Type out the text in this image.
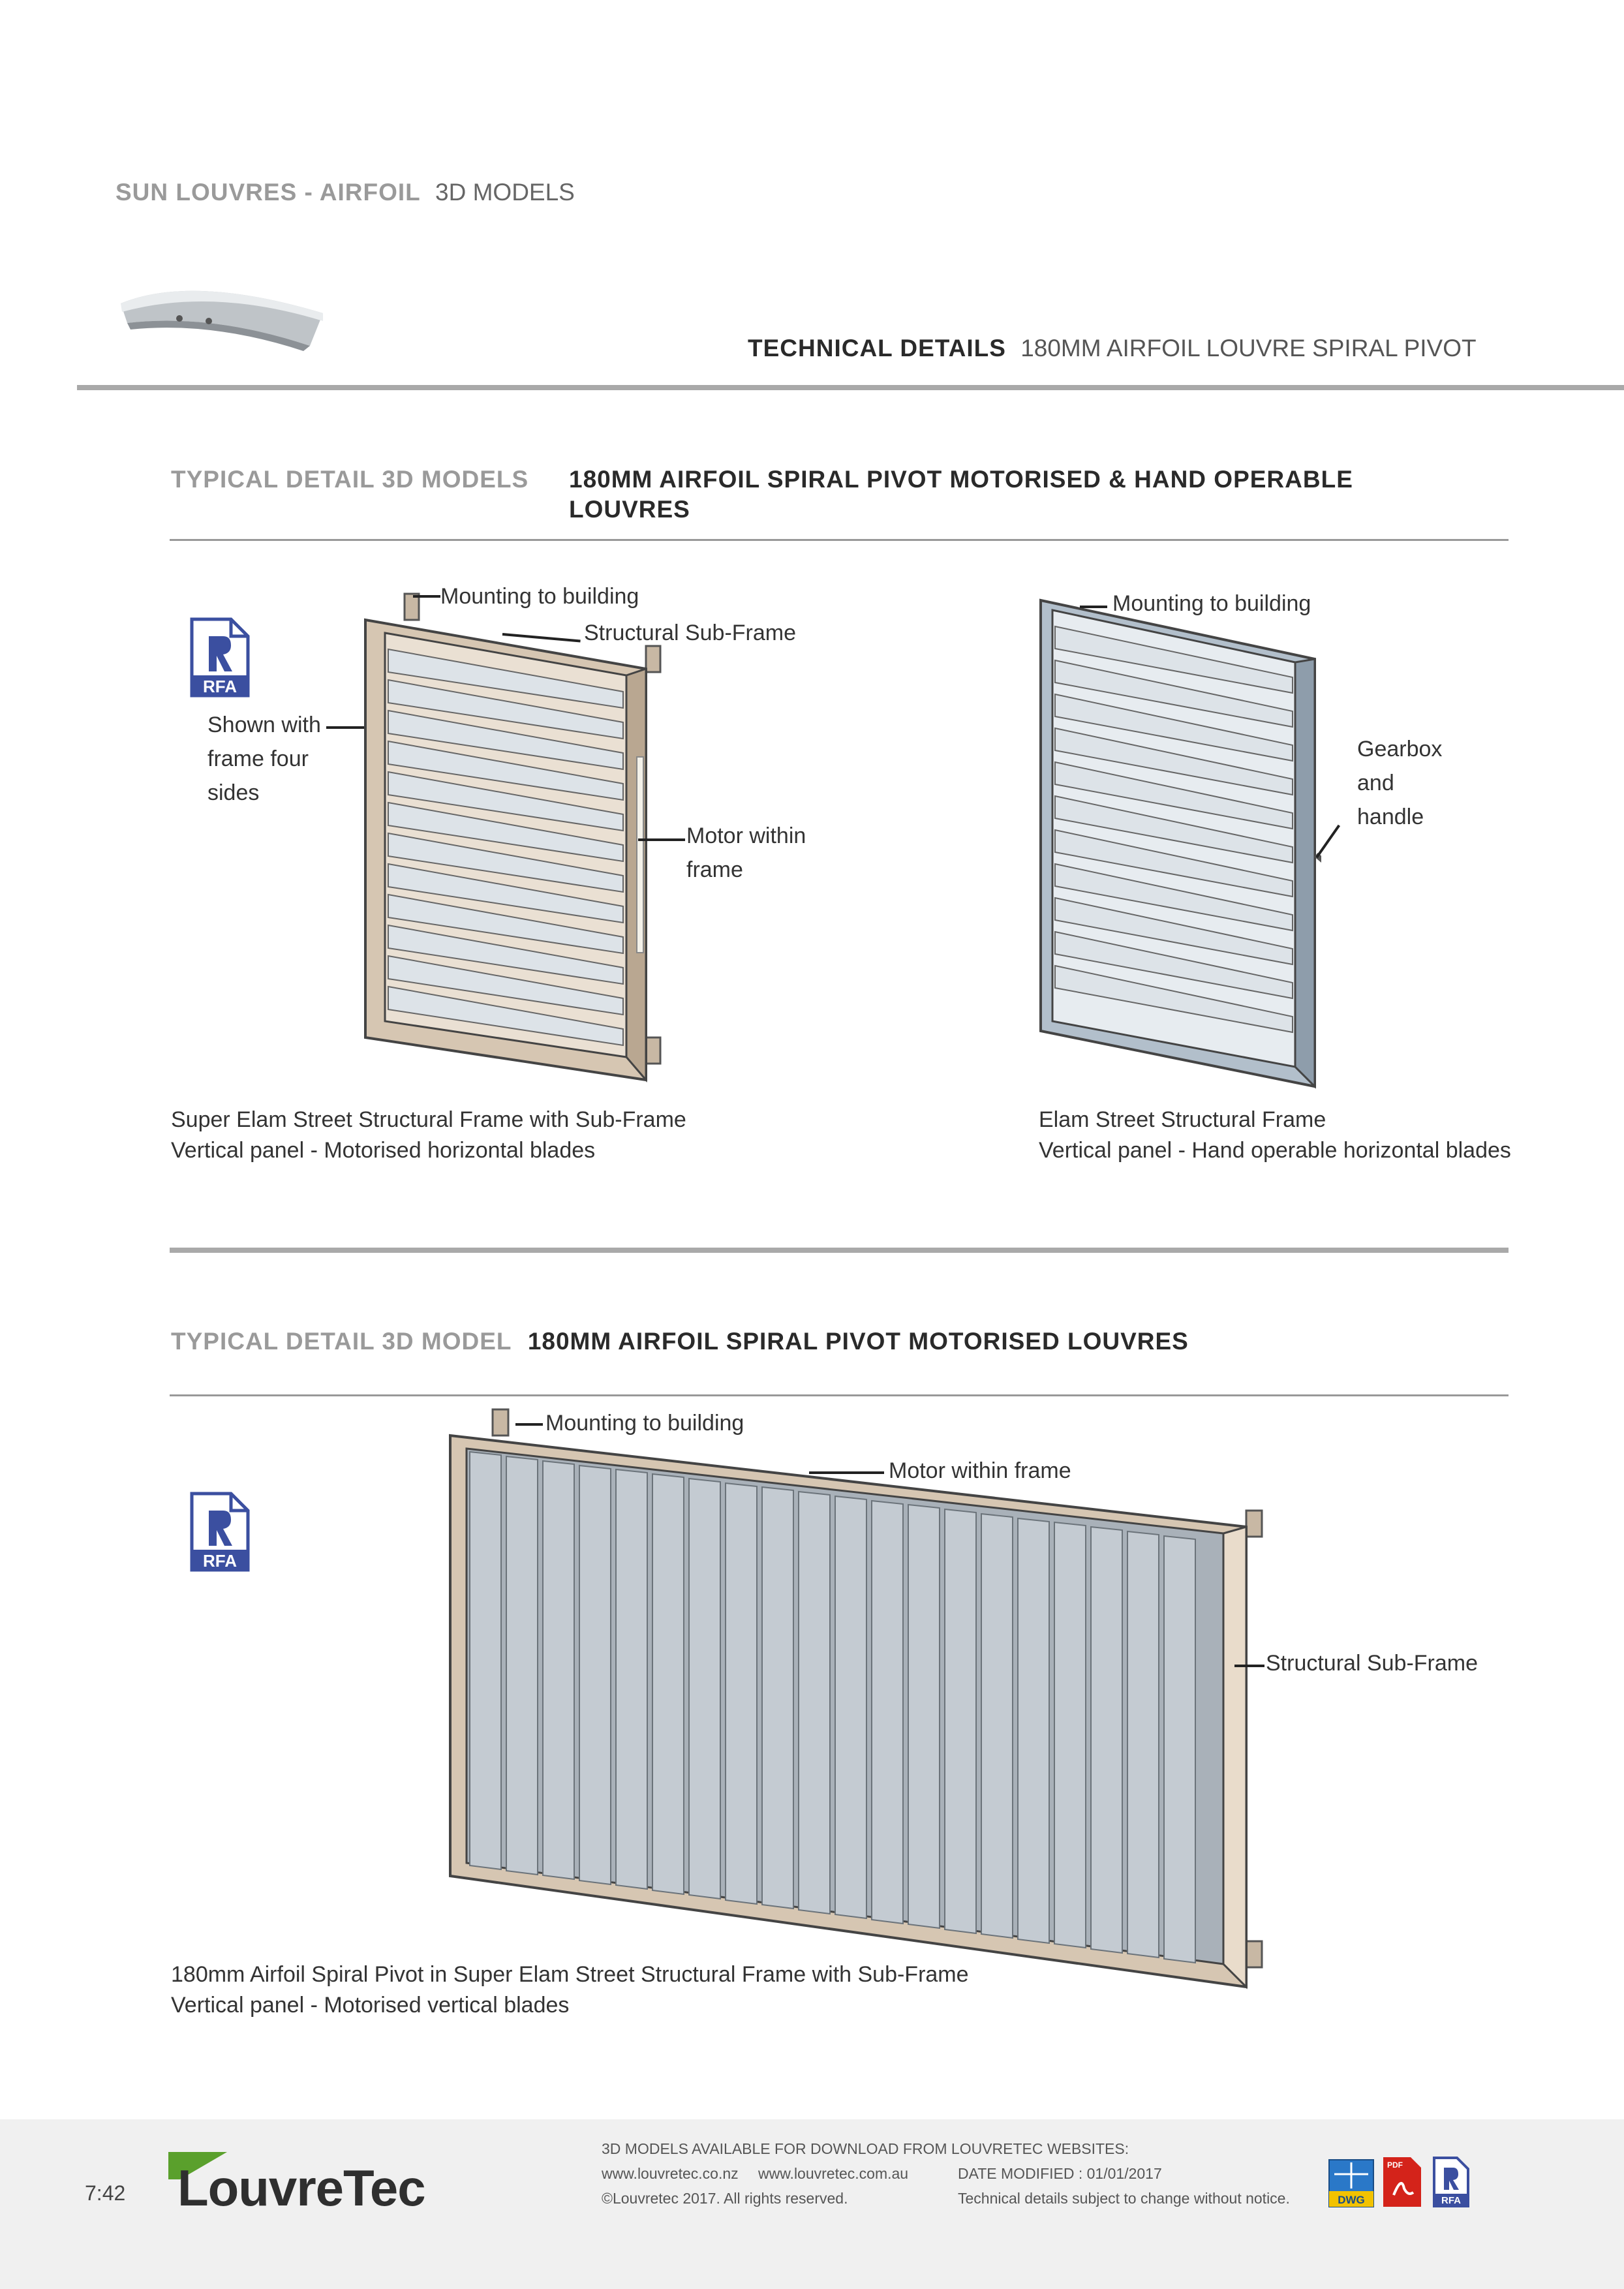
SUN LOUVRES - AIRFOIL 3D MODELS
TECHNICAL DETAILS 180MM AIRFOIL LOUVRE SPIRAL PIVOT
TYPICAL DETAIL 3D MODELS 180MM AIRFOIL SPIRAL PIVOT MOTORISED & HAND OPERABLE
LOUVRES
RFA
Mounting to building
Structural Sub-Frame
Shown with
frame four
sides
Motor within
frame
Super Elam Street Structural Frame with Sub-Frame
Vertical panel - Motorised horizontal blades
Mounting to building
Gearbox
and
handle
Elam Street Structural Frame
Vertical panel - Hand operable horizontal blades
TYPICAL DETAIL 3D MODEL 180MM AIRFOIL SPIRAL PIVOT MOTORISED LOUVRES
RFA
Mounting to building
Motor within frame
Structural Sub-Frame
180mm Airfoil Spiral Pivot in Super Elam Street Structural Frame with Sub-Frame
Vertical panel - Motorised vertical blades
7:42 LouvreTec
3D MODELS AVAILABLE FOR DOWNLOAD FROM LOUVRETEC WEBSITES:
www.louvretec.co.nz www.louvretec.com.au	DATE MODIFIED : 01/01/2017
©Louvretec 2017. All rights reserved.	Technical details subject to change without notice.	DWG
PDF
RFA
